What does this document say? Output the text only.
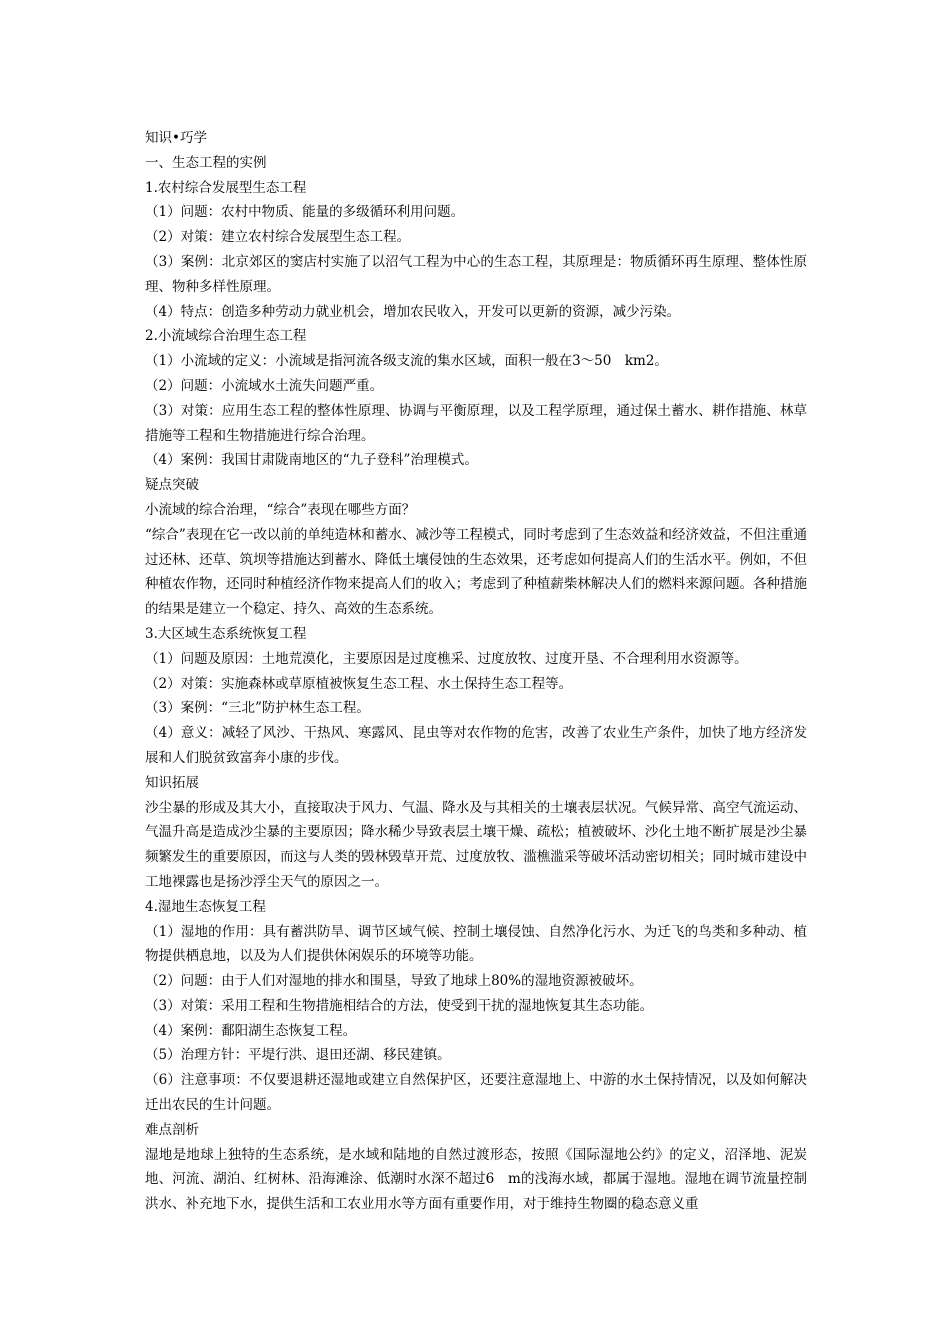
知识•巧学

一、生态工程的实例

1.农村综合发展型生态工程

（1）问题：农村中物质、能量的多级循环利用问题。

（2）对策：建立农村综合发展型生态工程。

（3）案例：北京郊区的窦店村实施了以沼气工程为中心的生态工程，其原理是：物质循环再生原理、整体性原理、物种多样性原理。

（4）特点：创造多种劳动力就业机会，增加农民收入，开发可以更新的资源，减少污染。

2.小流域综合治理生态工程

（1）小流域的定义：小流域是指河流各级支流的集水区域，面积一般在3～50　km2。

（2）问题：小流域水土流失问题严重。

（3）对策：应用生态工程的整体性原理、协调与平衡原理，以及工程学原理，通过保土蓄水、耕作措施、林草措施等工程和生物措施进行综合治理。

（4）案例：我国甘肃陇南地区的“九子登科”治理模式。

疑点突破

小流域的综合治理，“综合”表现在哪些方面？

“综合”表现在它一改以前的单纯造林和蓄水、减沙等工程模式，同时考虑到了生态效益和经济效益，不但注重通过还林、还草、筑坝等措施达到蓄水、降低土壤侵蚀的生态效果，还考虑如何提高人们的生活水平。例如，不但种植农作物，还同时种植经济作物来提高人们的收入；考虑到了种植薪柴林解决人们的燃料来源问题。各种措施的结果是建立一个稳定、持久、高效的生态系统。

3.大区域生态系统恢复工程

（1）问题及原因：土地荒漠化，主要原因是过度樵采、过度放牧、过度开垦、不合理利用水资源等。

（2）对策：实施森林或草原植被恢复生态工程、水土保持生态工程等。

（3）案例：“三北”防护林生态工程。

（4）意义：减轻了风沙、干热风、寒露风、昆虫等对农作物的危害，改善了农业生产条件，加快了地方经济发展和人们脱贫致富奔小康的步伐。

知识拓展

沙尘暴的形成及其大小，直接取决于风力、气温、降水及与其相关的土壤表层状况。气候异常、高空气流运动、气温升高是造成沙尘暴的主要原因；降水稀少导致表层土壤干燥、疏松；植被破坏、沙化土地不断扩展是沙尘暴频繁发生的重要原因，而这与人类的毁林毁草开荒、过度放牧、滥樵滥采等破坏活动密切相关；同时城市建设中工地裸露也是扬沙浮尘天气的原因之一。

4.湿地生态恢复工程

（1）湿地的作用：具有蓄洪防旱、调节区域气候、控制土壤侵蚀、自然净化污水、为迁飞的鸟类和多种动、植物提供栖息地，以及为人们提供休闲娱乐的环境等功能。

（2）问题：由于人们对湿地的排水和围垦，导致了地球上80%的湿地资源被破坏。

（3）对策：采用工程和生物措施相结合的方法，使受到干扰的湿地恢复其生态功能。

（4）案例：鄱阳湖生态恢复工程。

（5）治理方针：平堤行洪、退田还湖、移民建镇。

（6）注意事项：不仅要退耕还湿地或建立自然保护区，还要注意湿地上、中游的水土保持情况，以及如何解决迁出农民的生计问题。

难点剖析

湿地是地球上独特的生态系统，是水域和陆地的自然过渡形态，按照《国际湿地公约》的定义，沼泽地、泥炭地、河流、湖泊、红树林、沿海滩涂、低潮时水深不超过6　m的浅海水域，都属于湿地。湿地在调节流量控制洪水、补充地下水，提供生活和工农业用水等方面有重要作用，对于维持生物圈的稳态意义重
